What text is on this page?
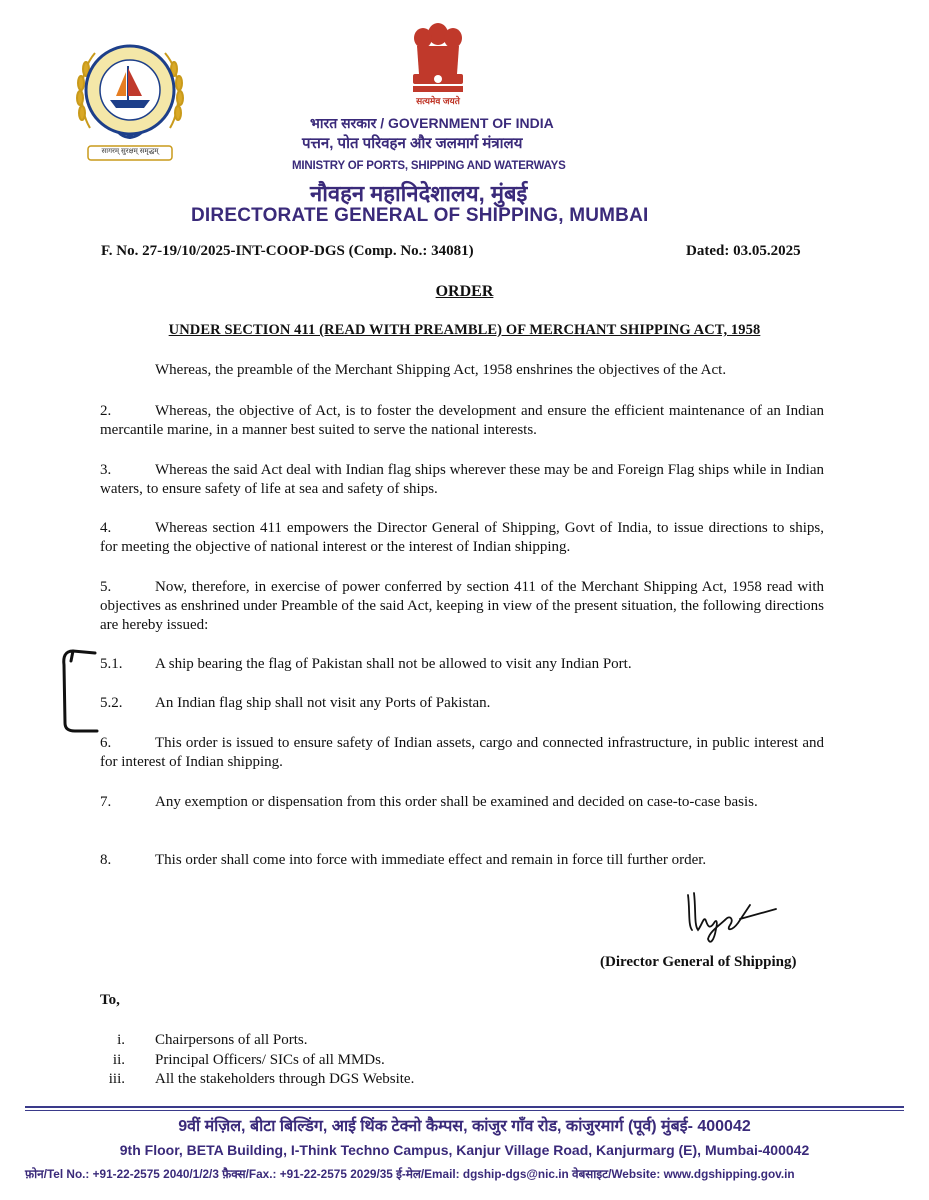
सागरम् सुरक्षम् समृद्धम्
सत्यमेव जयते
भारत सरकार / GOVERNMENT OF INDIA
पत्तन, पोत परिवहन और जलमार्ग मंत्रालय
MINISTRY OF PORTS, SHIPPING AND WATERWAYS
नौवहन महानिदेशालय, मुंबई
DIRECTORATE GENERAL OF SHIPPING, MUMBAI
F. No. 27-19/10/2025-INT-COOP-DGS (Comp. No.: 34081)	Dated: 03.05.2025
ORDER
UNDER SECTION 411 (READ WITH PREAMBLE) OF MERCHANT SHIPPING ACT, 1958
Whereas, the preamble of the Merchant Shipping Act, 1958 enshrines the objectives of the Act.
2.	Whereas, the objective of Act, is to foster the development and ensure the efficient maintenance of an Indian mercantile marine, in a manner best suited to serve the national interests.
3.	Whereas the said Act deal with Indian flag ships wherever these may be and Foreign Flag ships while in Indian waters, to ensure safety of life at sea and safety of ships.
4.	Whereas section 411 empowers the Director General of Shipping, Govt of India, to issue directions to ships, for meeting the objective of national interest or the interest of Indian shipping.
5.	Now, therefore, in exercise of power conferred by section 411 of the Merchant Shipping Act, 1958 read with objectives as enshrined under Preamble of the said Act, keeping in view of the present situation, the following directions are hereby issued:
5.1. A ship bearing the flag of Pakistan shall not be allowed to visit any Indian Port.
5.2. An Indian flag ship shall not visit any Ports of Pakistan.
6.	This order is issued to ensure safety of Indian assets, cargo and connected infrastructure, in public interest and for interest of Indian shipping.
7.	Any exemption or dispensation from this order shall be examined and decided on case-to-case basis.
8.	This order shall come into force with immediate effect and remain in force till further order.
(Director General of Shipping)
To,
i. Chairpersons of all Ports.
ii. Principal Officers/ SICs of all MMDs.
iii. All the stakeholders through DGS Website.
9वीं मंज़िल, बीटा बिल्डिंग, आई थिंक टेक्नो कैम्पस, कांजुर गाँव रोड, कांजुरमार्ग (पूर्व) मुंबई- 400042
9th Floor, BETA Building, I-Think Techno Campus, Kanjur Village Road, Kanjurmarg (E), Mumbai-400042
फ़ोन/Tel No.: +91-22-2575 2040/1/2/3 फ़ैक्स/Fax.: +91-22-2575 2029/35 ई-मेल/Email: dgship-dgs@nic.in वेबसाइट/Website: www.dgshipping.gov.in
